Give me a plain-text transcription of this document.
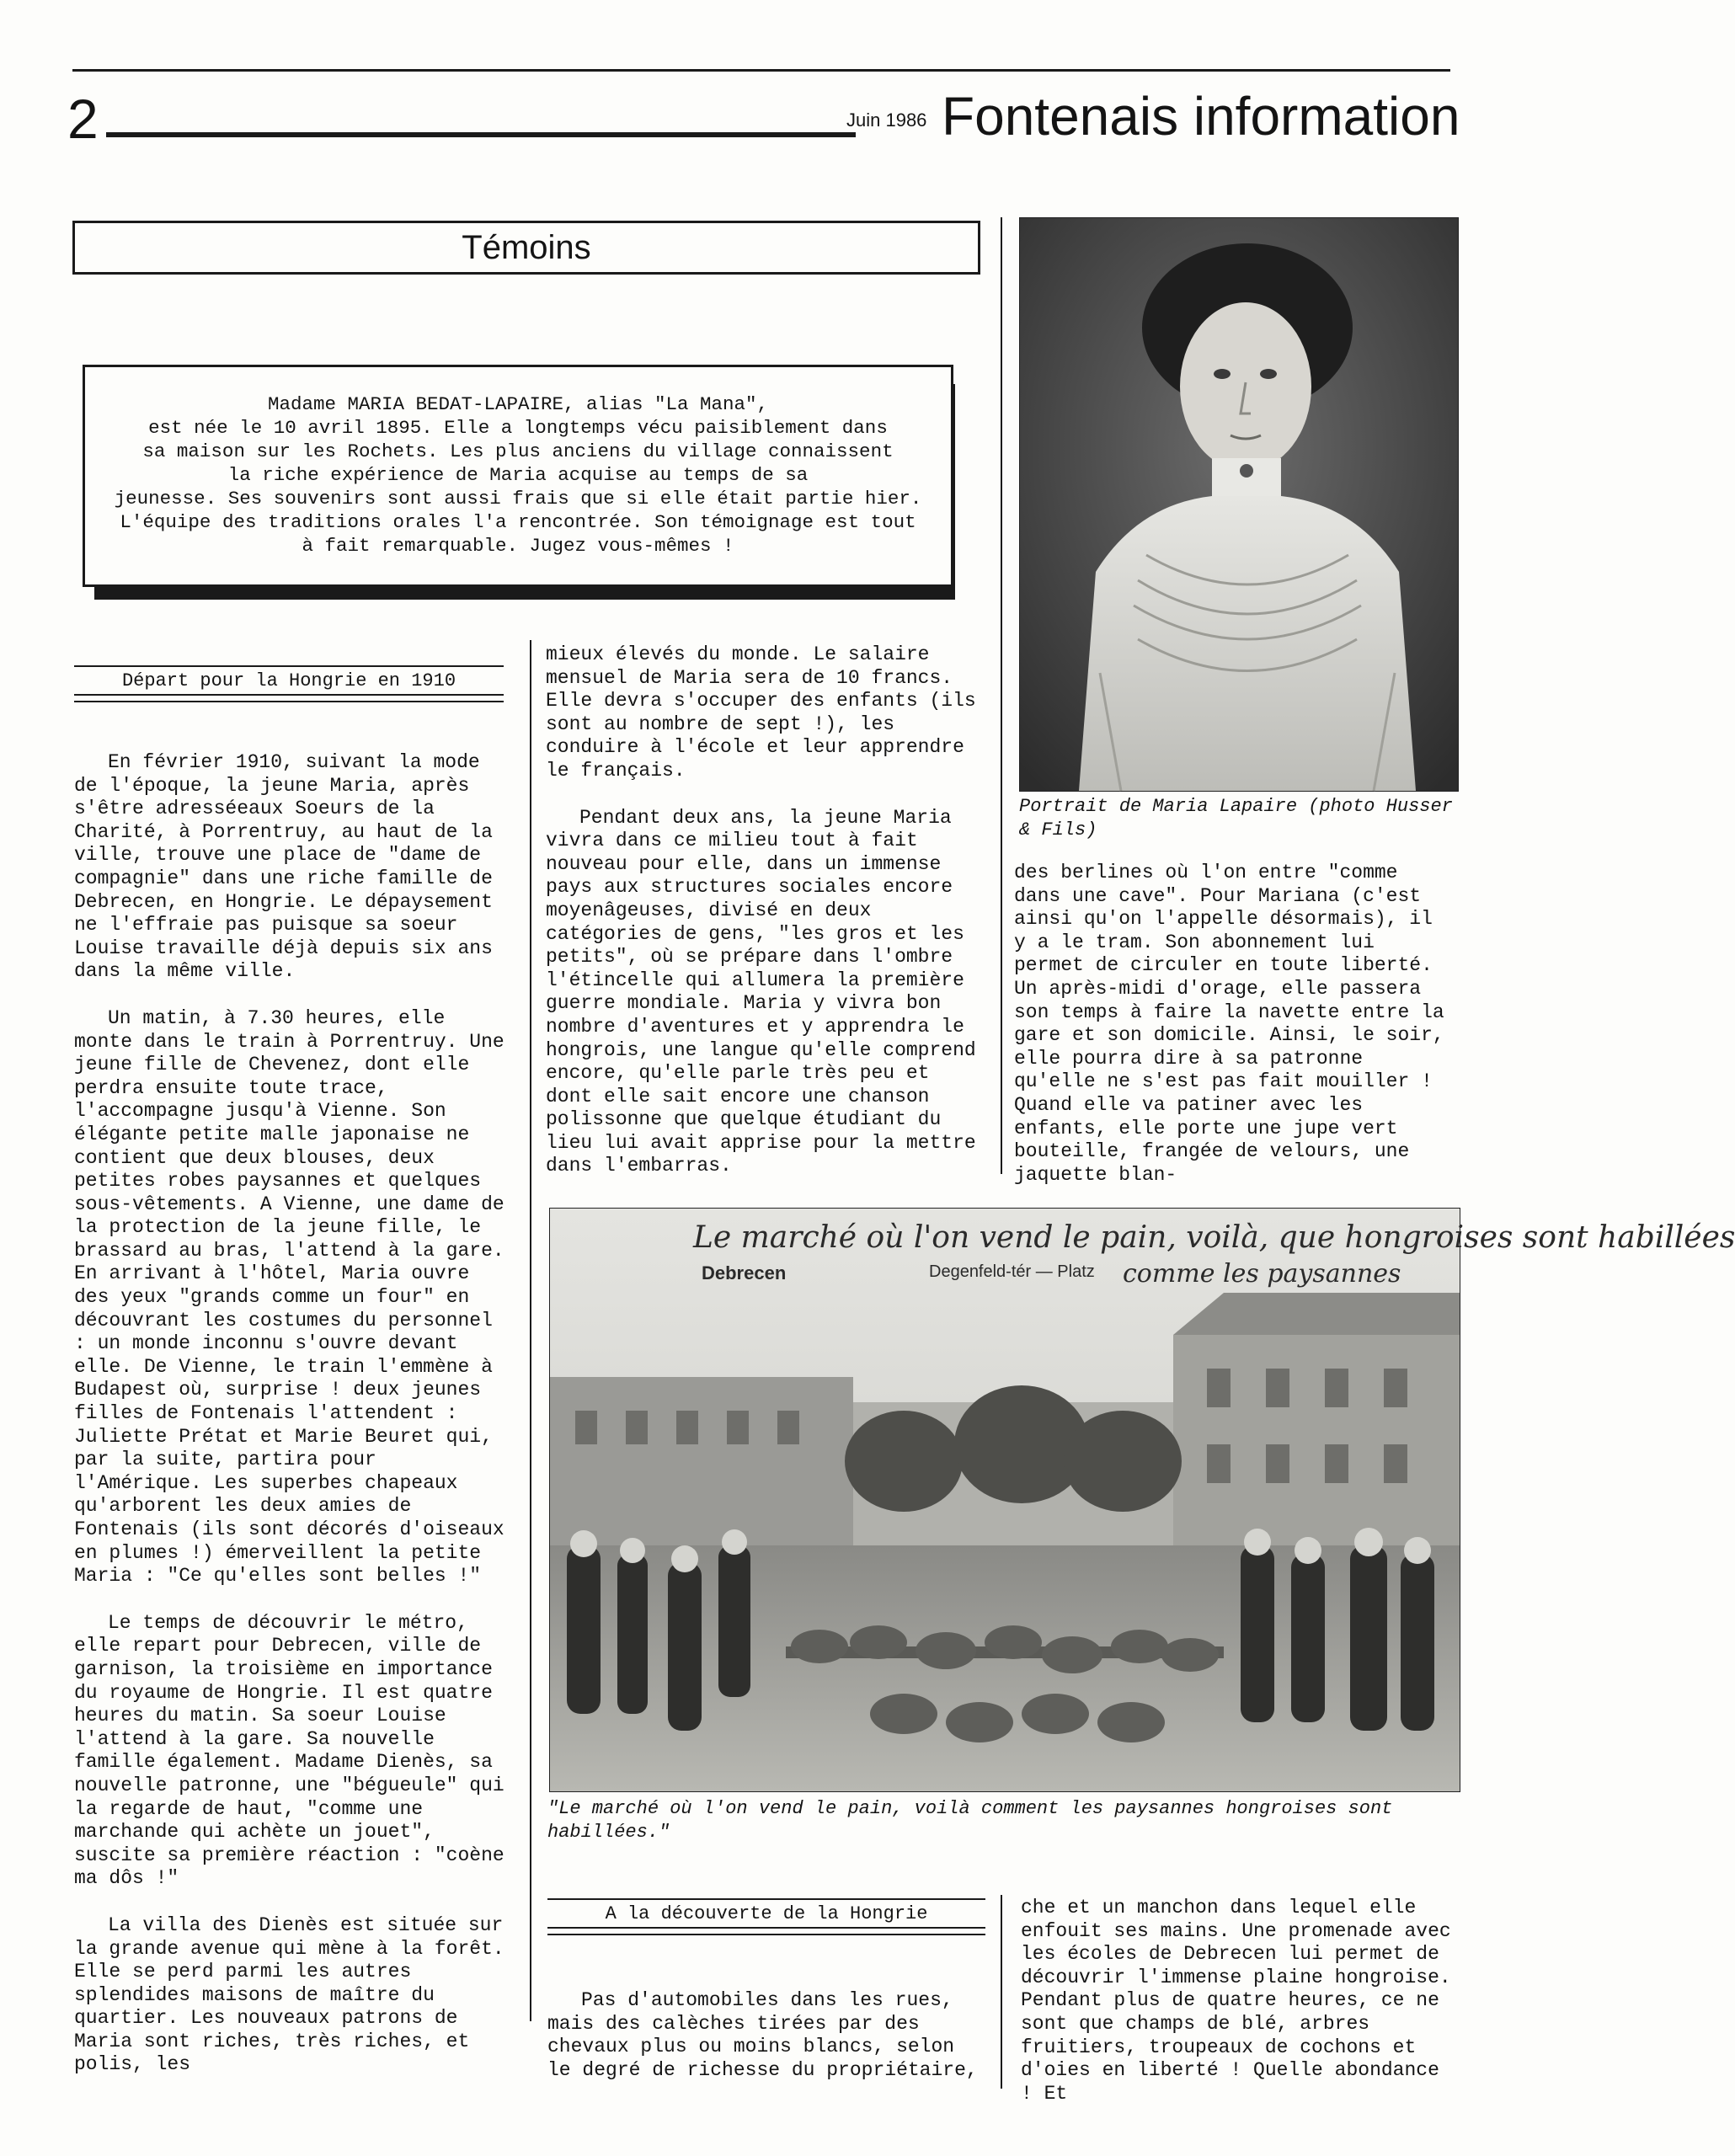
2	Juin 1986 Fontenais information
Témoins

Madame MARIA BEDAT-LAPAIRE, alias "La Mana",
est née le 10 avril 1895. Elle a longtemps vécu paisiblement dans
sa maison sur les Rochets. Les plus anciens du village connaissent
la riche expérience de Maria acquise au temps de sa
jeunesse. Ses souvenirs sont aussi frais que si elle était partie hier.
L'équipe des traditions orales l'a rencontrée. Son témoignage est tout
à fait remarquable. Jugez vous-mêmes !

Départ pour la Hongrie en 1910

En février 1910, suivant la mode de l'époque, la jeune Maria, après s'être adresséeaux Soeurs de la Charité, à Porrentruy, au haut de la ville, trouve une place de "dame de compagnie" dans une riche famille de Debrecen, en Hongrie. Le dépaysement ne l'effraie pas puisque sa soeur Louise travaille déjà depuis six ans dans la même ville.

Un matin, à 7.30 heures, elle monte dans le train à Porrentruy. Une jeune fille de Chevenez, dont elle perdra ensuite toute trace, l'accompagne jusqu'à Vienne. Son élégante petite malle japonaise ne contient que deux blouses, deux petites robes paysannes et quelques sous-vêtements. A Vienne, une dame de la protection de la jeune fille, le brassard au bras, l'attend à la gare. En arrivant à l'hôtel, Maria ouvre des yeux "grands comme un four" en découvrant les costumes du personnel : un monde inconnu s'ouvre devant elle. De Vienne, le train l'emmène à Budapest où, surprise ! deux jeunes filles de Fontenais l'attendent : Juliette Prétat et Marie Beuret qui, par la suite, partira pour l'Amérique. Les superbes chapeaux qu'arborent les deux amies de Fontenais (ils sont décorés d'oiseaux en plumes !) émerveillent la petite Maria : "Ce qu'elles sont belles !"

Le temps de découvrir le métro, elle repart pour Debrecen, ville de garnison, la troisième en importance du royaume de Hongrie. Il est quatre heures du matin. Sa soeur Louise l'attend à la gare. Sa nouvelle famille également. Madame Dienès, sa nouvelle patronne, une "bégueule" qui la regarde de haut, "comme une marchande qui achète un jouet", suscite sa première réaction : "coène ma dôs !"

La villa des Dienès est située sur la grande avenue qui mène à la forêt. Elle se perd parmi les autres splendides maisons de maître du quartier. Les nouveaux patrons de Maria sont riches, très riches, et polis, les

mieux élevés du monde. Le salaire mensuel de Maria sera de 10 francs. Elle devra s'occuper des enfants (ils sont au nombre de sept !), les conduire à l'école et leur apprendre le français.

Pendant deux ans, la jeune Maria vivra dans ce milieu tout à fait nouveau pour elle, dans un immense pays aux structures sociales encore moyenâgeuses, divisé en deux catégories de gens, "les gros et les petits", où se prépare dans l'ombre l'étincelle qui allumera la première guerre mondiale. Maria y vivra bon nombre d'aventures et y apprendra le hongrois, une langue qu'elle comprend encore, qu'elle parle très peu et dont elle sait encore une chanson polissonne que quelque étudiant du lieu lui avait apprise pour la mettre dans l'embarras.

Portrait de Maria Lapaire (photo Husser & Fils)

des berlines où l'on entre "comme dans une cave". Pour Mariana (c'est ainsi qu'on l'appelle désormais), il y a le tram. Son abonnement lui permet de circuler en toute liberté. Un après-midi d'orage, elle passera son temps à faire la navette entre la gare et son domicile. Ainsi, le soir, elle pourra dire à sa patronne qu'elle ne s'est pas fait mouiller ! Quand elle va patiner avec les enfants, elle porte une jupe vert bouteille, frangée de velours, une jaquette blan-

Le marché où l'on vend le pain, voilà, que hongroises sont habillées
comme les paysannes
Debrecen	Degenfeld-tér — Platz
"Le marché où l'on vend le pain, voilà comment les paysannes hongroises sont habillées."
A la découverte de la Hongrie

Pas d'automobiles dans les rues, mais des calèches tirées par des chevaux plus ou moins blancs, selon le degré de richesse du propriétaire,

che et un manchon dans lequel elle enfouit ses mains. Une promenade avec les écoles de Debrecen lui permet de découvrir l'immense plaine hongroise. Pendant plus de quatre heures, ce ne sont que champs de blé, arbres fruitiers, troupeaux de cochons et d'oies en liberté ! Quelle abondance ! Et
